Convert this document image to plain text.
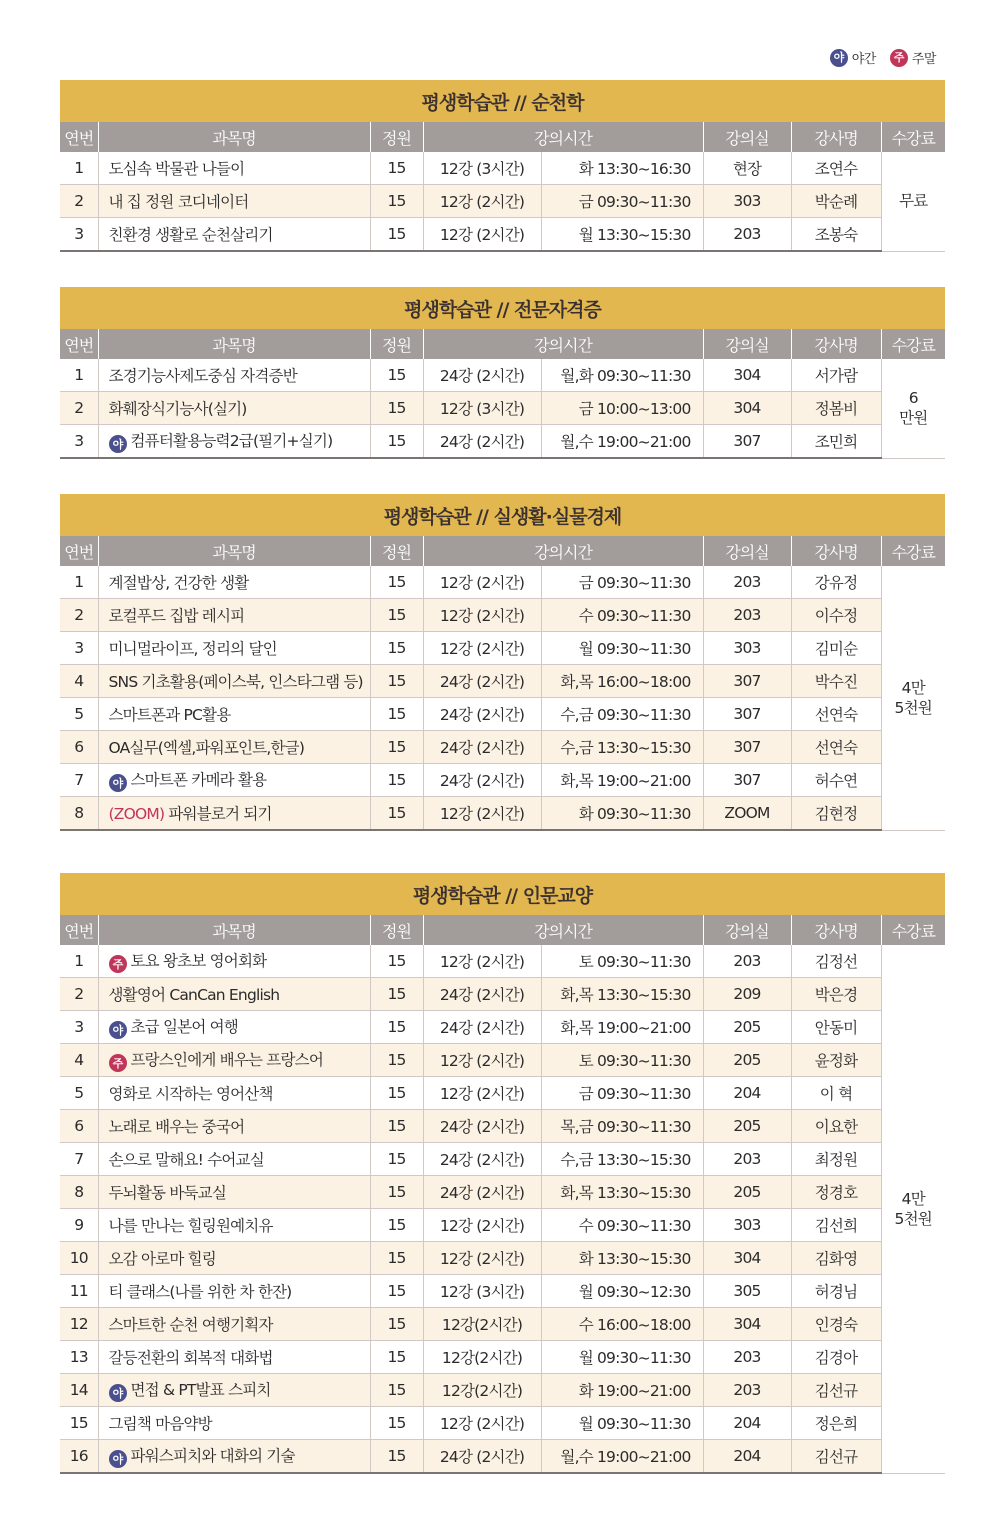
야 야간	주 주말
평생학습관 // 순천학
연번	과목명	정원	강의시간		강의실	강사명	수강료
1	도심속 박물관 나들이	15	12강 (3시간)	화 13:30~16:30	현장	조연수	무료

2	내 집 정원 코디네이터	15	12강 (2시간)	금 09:30~11:30	303	박순례	
3	친환경 생활로 순천살리기	15	12강 (2시간)	월 13:30~15:30	203	조봉숙	
평생학습관 // 전문자격증
연번	과목명	정원	강의시간		강의실	강사명	수강료
1	조경기능사제도중심 자격증반	15	24강 (2시간)	월,화 09:30~11:30	304	서가람	6
만원

2	화훼장식기능사(실기)	15	12강 (3시간)	금 10:00~13:00	304	정봄비	
3	야 컴퓨터활용능력2급(필기+실기)	15	24강 (2시간)	월,수 19:00~21:00	307	조민희	
평생학습관 // 실생활·실물경제
연번	과목명	정원	강의시간		강의실	강사명	수강료
1	계절밥상, 건강한 생활	15	12강 (2시간)	금 09:30~11:30	203	강유정	4만
5천원

2	로컬푸드 집밥 레시피	15	12강 (2시간)	수 09:30~11:30	203	이수정	
3	미니멀라이프, 정리의 달인	15	12강 (2시간)	월 09:30~11:30	303	김미순	
4	SNS 기초활용(페이스북, 인스타그램 등)	15	24강 (2시간)	화,목 16:00~18:00	307	박수진	
5	스마트폰과 PC활용	15	24강 (2시간)	수,금 09:30~11:30	307	선연숙	
6	OA실무(엑셀,파워포인트,한글)	15	24강 (2시간)	수,금 13:30~15:30	307	선연숙	
7	야 스마트폰 카메라 활용	15	24강 (2시간)	화,목 19:00~21:00	307	허수연	
8	(ZOOM) 파워블로거 되기	15	12강 (2시간)	화 09:30~11:30	ZOOM	김현정	
평생학습관 // 인문교양
연번	과목명	정원	강의시간		강의실	강사명	수강료
1	주 토요 왕초보 영어회화	15	12강 (2시간)	토 09:30~11:30	203	김정선	4만
5천원

2	생활영어 CanCan English	15	24강 (2시간)	화,목 13:30~15:30	209	박은경	
3	야 초급 일본어 여행	15	24강 (2시간)	화,목 19:00~21:00	205	안동미	
4	주 프랑스인에게 배우는 프랑스어	15	12강 (2시간)	토 09:30~11:30	205	윤정화	
5	영화로 시작하는 영어산책	15	12강 (2시간)	금 09:30~11:30	204	이 혁	
6	노래로 배우는 중국어	15	24강 (2시간)	목,금 09:30~11:30	205	이요한	
7	손으로 말해요! 수어교실	15	24강 (2시간)	수,금 13:30~15:30	203	최정원	
8	두뇌활동 바둑교실	15	24강 (2시간)	화,목 13:30~15:30	205	정경호	
9	나를 만나는 힐링원예치유	15	12강 (2시간)	수 09:30~11:30	303	김선희	
10	오감 아로마 힐링	15	12강 (2시간)	화 13:30~15:30	304	김화영	
11	티 클래스(나를 위한 차 한잔)	15	12강 (3시간)	월 09:30~12:30	305	허경님	
12	스마트한 순천 여행기획자	15	12강(2시간)	수 16:00~18:00	304	인경숙	
13	갈등전환의 회복적 대화법	15	12강(2시간)	월 09:30~11:30	203	김경아	
14	야 면접 & PT발표 스피치	15	12강(2시간)	화 19:00~21:00	203	김선규	
15	그림책 마음약방	15	12강 (2시간)	월 09:30~11:30	204	정은희	
16	야 파워스피치와 대화의 기술	15	24강 (2시간)	월,수 19:00~21:00	204	김선규	
